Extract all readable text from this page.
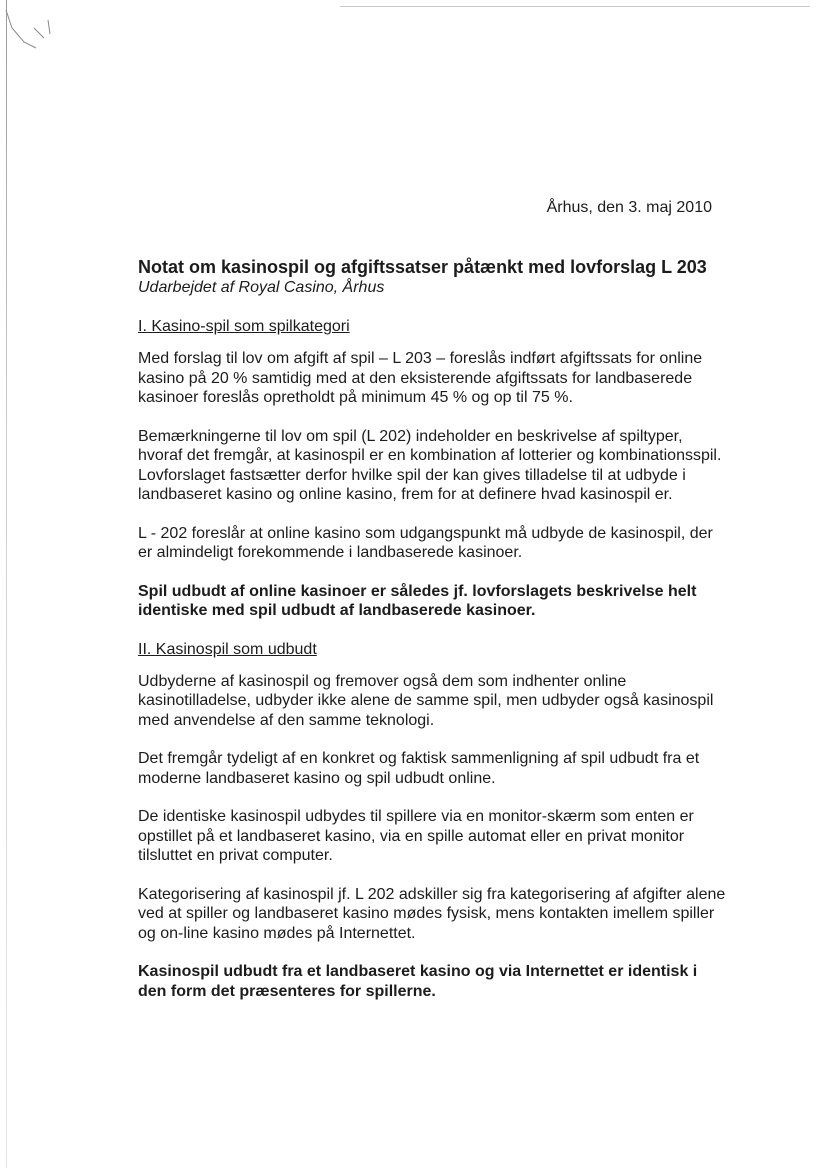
Århus, den 3. maj 2010

Notat om kasinospil og afgiftssatser påtænkt med lovforslag L 203

Udarbejdet af Royal Casino, Århus

I. Kasino-spil som spilkategori

Med forslag til lov om afgift af spil – L 203 – foreslås indført afgiftssats for online kasino på 20 % samtidig med at den eksisterende afgiftssats for landbaserede kasinoer foreslås opretholdt på minimum 45 % og op til 75 %.

Bemærkningerne til lov om spil (L 202) indeholder en beskrivelse af spiltyper, hvoraf det fremgår, at kasinospil er en kombination af lotterier og kombinationsspil. Lovforslaget fastsætter derfor hvilke spil der kan gives tilladelse til at udbyde i landbaseret kasino og online kasino, frem for at definere hvad kasinospil er.

L - 202 foreslår at online kasino som udgangspunkt må udbyde de kasinospil, der er almindeligt forekommende i landbaserede kasinoer.

Spil udbudt af online kasinoer er således jf. lovforslagets beskrivelse helt identiske med spil udbudt af landbaserede kasinoer.

II. Kasinospil som udbudt

Udbyderne af kasinospil og fremover også dem som indhenter online kasinotilladelse, udbyder ikke alene de samme spil, men udbyder også kasinospil med anvendelse af den samme teknologi.

Det fremgår tydeligt af en konkret og faktisk sammenligning af spil udbudt fra et moderne landbaseret kasino og spil udbudt online.

De identiske kasinospil udbydes til spillere via en monitor-skærm som enten er opstillet på et landbaseret kasino, via en spille automat eller en privat monitor tilsluttet en privat computer.

Kategorisering af kasinospil jf. L 202 adskiller sig fra kategorisering af afgifter alene ved at spiller og landbaseret kasino mødes fysisk, mens kontakten imellem spiller og on-line kasino mødes på Internettet.

Kasinospil udbudt fra et landbaseret kasino og via Internettet er identisk i den form det præsenteres for spillerne.
